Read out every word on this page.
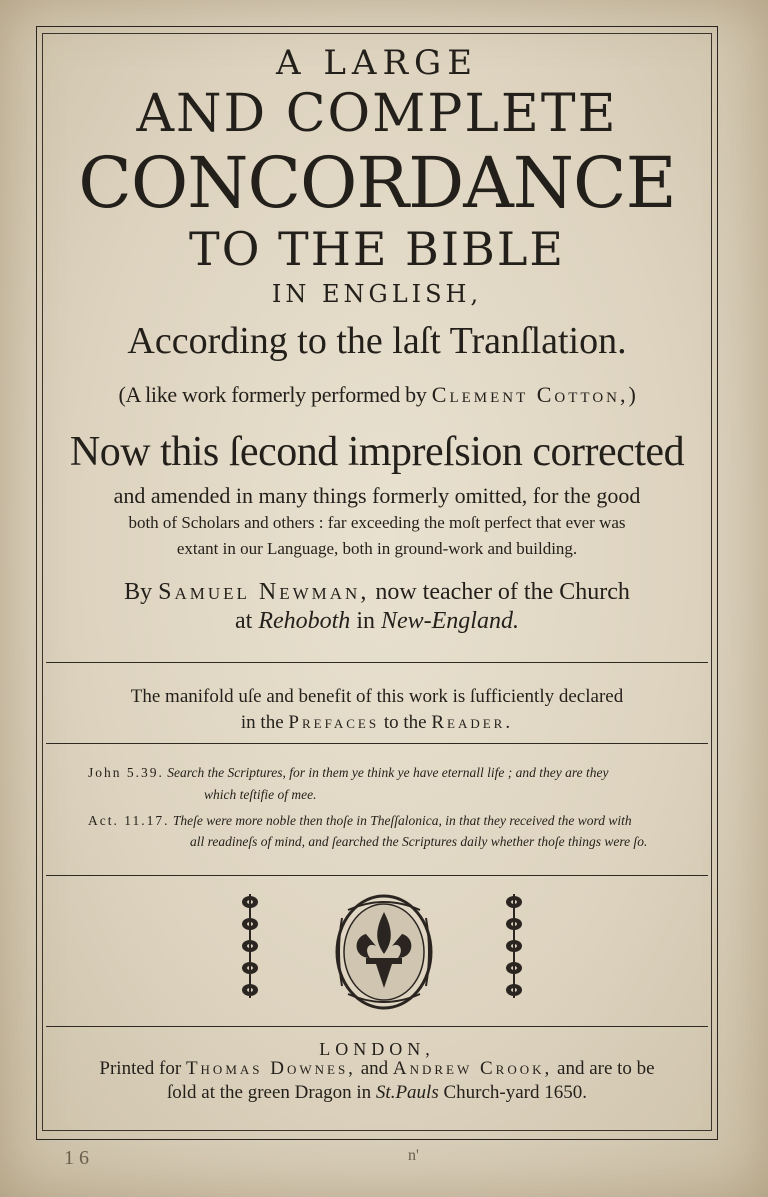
A LARGE
AND COMPLETE
CONCORDANCE
TO THE BIBLE
IN ENGLISH,
According to the laſt Tranſlation.
(A like work formerly performed by Clement Cotton,)
Now this ſecond impreſsion corrected
and amended in many things formerly omitted, for the good
both of Scholars and others : far exceeding the moſt perfect that ever was
extant in our Language, both in ground-work and building.
By Samuel Newman, now teacher of the Church
at Rehoboth in New-England.
The manifold uſe and benefit of this work is ſufficiently declared
in the Prefaces to the Reader.
John 5.39. Search the Scriptures, for in them ye think ye have eternall life ; and they are they
which teſtifie of mee.
Act. 11.17. Theſe were more noble then thoſe in Theſſalonica, in that they received the word with
all readineſs of mind, and ſearched the Scriptures daily whether thoſe things were ſo.
LONDON,
Printed for Thomas Downes, and Andrew Crook, and are to be
ſold at the green Dragon in St.Pauls Church-yard 1650.
1 6	n'
